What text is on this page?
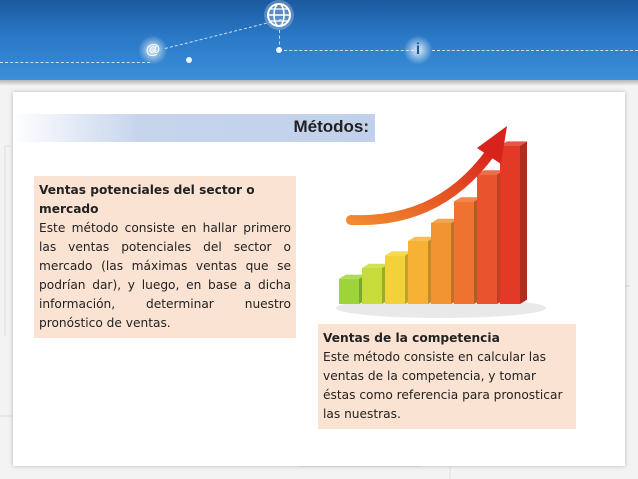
@	i
Métodos:
Ventas potenciales del sector o mercado
Este método consiste en hallar primero las ventas potenciales del sector o mercado (las máximas ventas que se podrían dar), y luego, en base a dicha información, determinar nuestro pronóstico de ventas.
Ventas de la competencia
Este método consiste en calcular las ventas de la competencia, y tomar éstas como referencia para pronosticar las nuestras.
